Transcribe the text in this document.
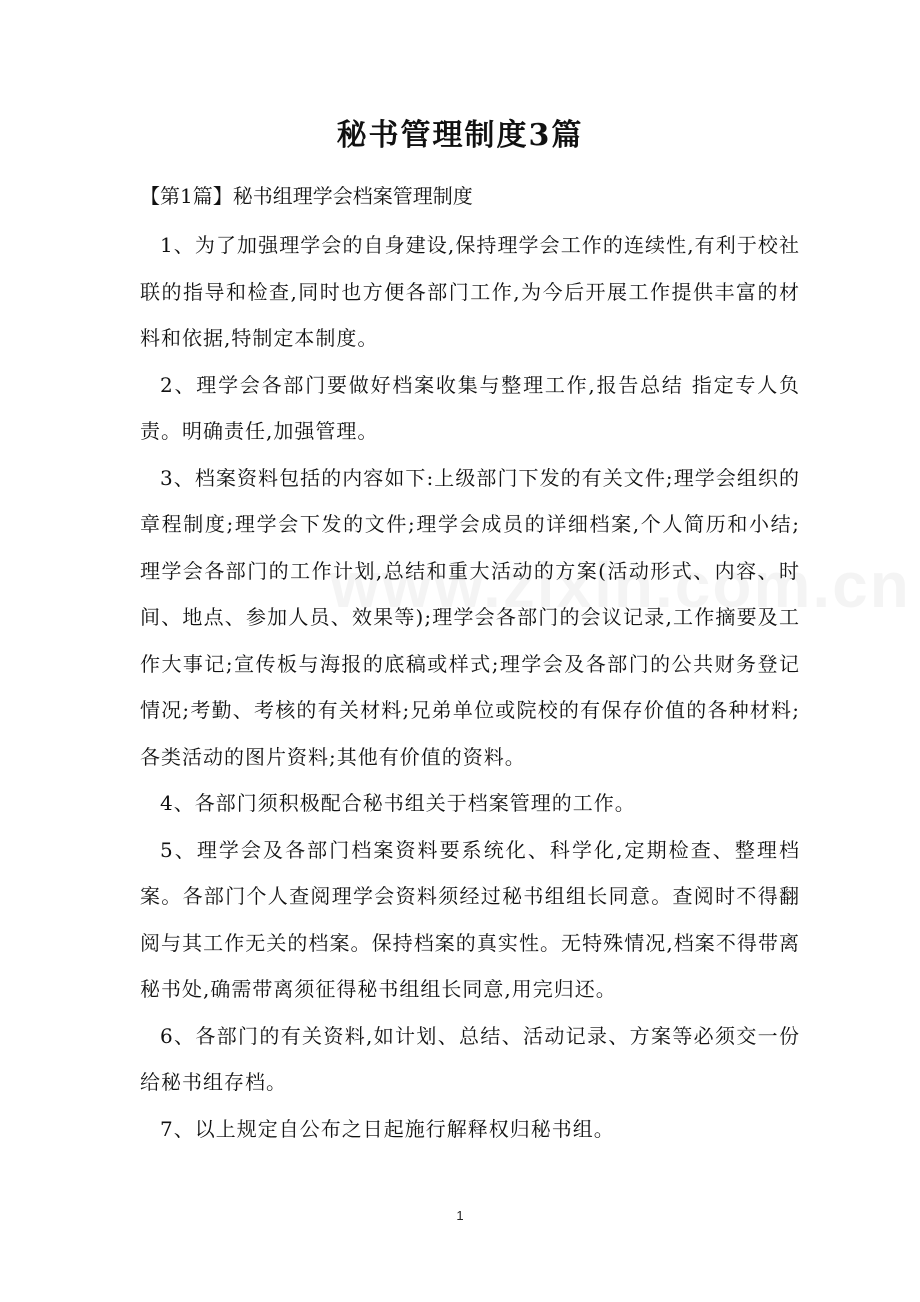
秘书管理制度3篇
【第1篇】秘书组理学会档案管理制度

1、为了加强理学会的自身建设,保持理学会工作的连续性,有利于校社联的指导和检查,同时也方便各部门工作,为今后开展工作提供丰富的材料和依据,特制定本制度。

2、理学会各部门要做好档案收集与整理工作,报告总结 指定专人负责。明确责任,加强管理。

3、档案资料包括的内容如下:上级部门下发的有关文件;理学会组织的章程制度;理学会下发的文件;理学会成员的详细档案,个人简历和小结;理学会各部门的工作计划,总结和重大活动的方案(活动形式、内容、时间、地点、参加人员、效果等);理学会各部门的会议记录,工作摘要及工作大事记;宣传板与海报的底稿或样式;理学会及各部门的公共财务登记情况;考勤、考核的有关材料;兄弟单位或院校的有保存价值的各种材料;各类活动的图片资料;其他有价值的资料。

4、各部门须积极配合秘书组关于档案管理的工作。

5、理学会及各部门档案资料要系统化、科学化,定期检查、整理档案。各部门个人查阅理学会资料须经过秘书组组长同意。查阅时不得翻阅与其工作无关的档案。保持档案的真实性。无特殊情况,档案不得带离秘书处,确需带离须征得秘书组组长同意,用完归还。

6、各部门的有关资料,如计划、总结、活动记录、方案等必须交一份给秘书组存档。

7、以上规定自公布之日起施行解释权归秘书组。

1
